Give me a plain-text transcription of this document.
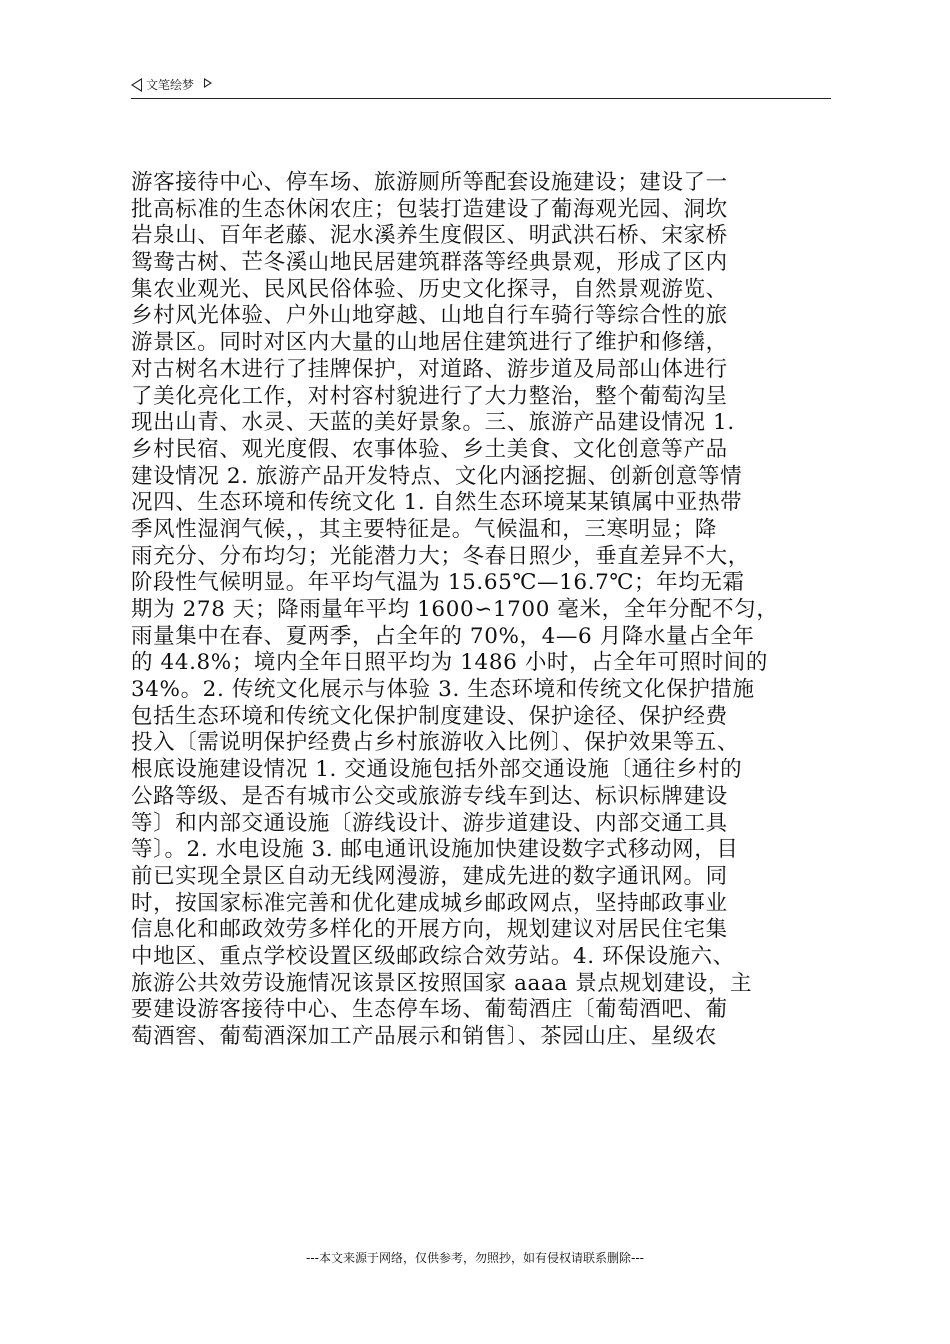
文笔绘梦
游客接待中心、停车场、旅游厕所等配套设施建设；建设了一
批高标准的生态休闲农庄；包装打造建设了葡海观光园、洞坎
岩泉山、百年老藤、泥水溪养生度假区、明武洪石桥、宋家桥
鸳鸯古树、芒冬溪山地民居建筑群落等经典景观，形成了区内
集农业观光、民风民俗体验、历史文化探寻，自然景观游览、
乡村风光体验、户外山地穿越、山地自行车骑行等综合性的旅
游景区。同时对区内大量的山地居住建筑进行了维护和修缮，
对古树名木进行了挂牌保护，对道路、游步道及局部山体进行
了美化亮化工作，对村容村貌进行了大力整治，整个葡萄沟呈
现出山青、水灵、天蓝的美好景象。三、旅游产品建设情况 1.
乡村民宿、观光度假、农事体验、乡土美食、文化创意等产品
建设情况 2. 旅游产品开发特点、文化内涵挖掘、创新创意等情
况四、生态环境和传统文化 1. 自然生态环境某某镇属中亚热带
季风性湿润气候，，其主要特征是。气候温和，三寒明显；降
雨充分、分布均匀；光能潜力大；冬春日照少，垂直差异不大，
阶段性气候明显。年平均气温为 15.65℃—16.7℃；年均无霜
期为 278 天；降雨量年平均 1600∽1700 毫米，全年分配不匀，
雨量集中在春、夏两季，占全年的 70%，4—6 月降水量占全年
的 44.8%；境内全年日照平均为 1486 小时，占全年可照时间的
34%。2. 传统文化展示与体验 3. 生态环境和传统文化保护措施
包括生态环境和传统文化保护制度建设、保护途径、保护经费
投入〔需说明保护经费占乡村旅游收入比例〕、保护效果等五、
根底设施建设情况 1. 交通设施包括外部交通设施〔通往乡村的
公路等级、是否有城市公交或旅游专线车到达、标识标牌建设
等〕和内部交通设施〔游线设计、游步道建设、内部交通工具
等〕。2. 水电设施 3. 邮电通讯设施加快建设数字式移动网，目
前已实现全景区自动无线网漫游，建成先进的数字通讯网。同
时，按国家标准完善和优化建成城乡邮政网点，坚持邮政事业
信息化和邮政效劳多样化的开展方向，规划建议对居民住宅集
中地区、重点学校设置区级邮政综合效劳站。4. 环保设施六、
旅游公共效劳设施情况该景区按照国家 aaaa 景点规划建设，主
要建设游客接待中心、生态停车场、葡萄酒庄〔葡萄酒吧、葡
萄酒窖、葡萄酒深加工产品展示和销售〕、茶园山庄、星级农
---本文来源于网络，仅供参考，勿照抄，如有侵权请联系删除---
